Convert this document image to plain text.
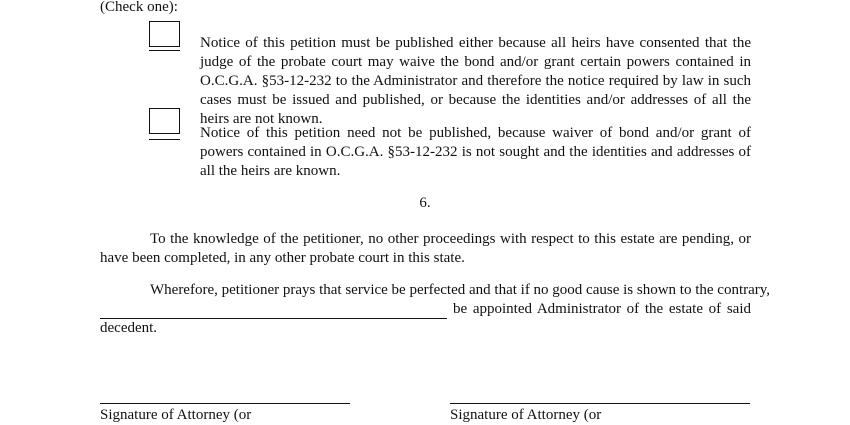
(Check one):
Notice of this petition must be published either because all heirs have consented that the judge of the probate court may waive the bond and/or grant certain powers contained in O.C.G.A. §53-12-232 to the Administrator and therefore the notice required by law in such cases must be issued and published, or because the identities and/or addresses of all the heirs are not known.
Notice of this petition need not be published, because waiver of bond and/or grant of powers contained in O.C.G.A. §53-12-232 is not sought and the identities and addresses of all the heirs are known.
6.
To the knowledge of the petitioner, no other proceedings with respect to this estate are pending, or have been completed, in any other probate court in this state.
Wherefore, petitioner prays that service be perfected and that if no good cause is shown to the contrary,
be appointed Administrator of the estate of said
decedent.
Signature of Attorney (or	Signature of Attorney (or
